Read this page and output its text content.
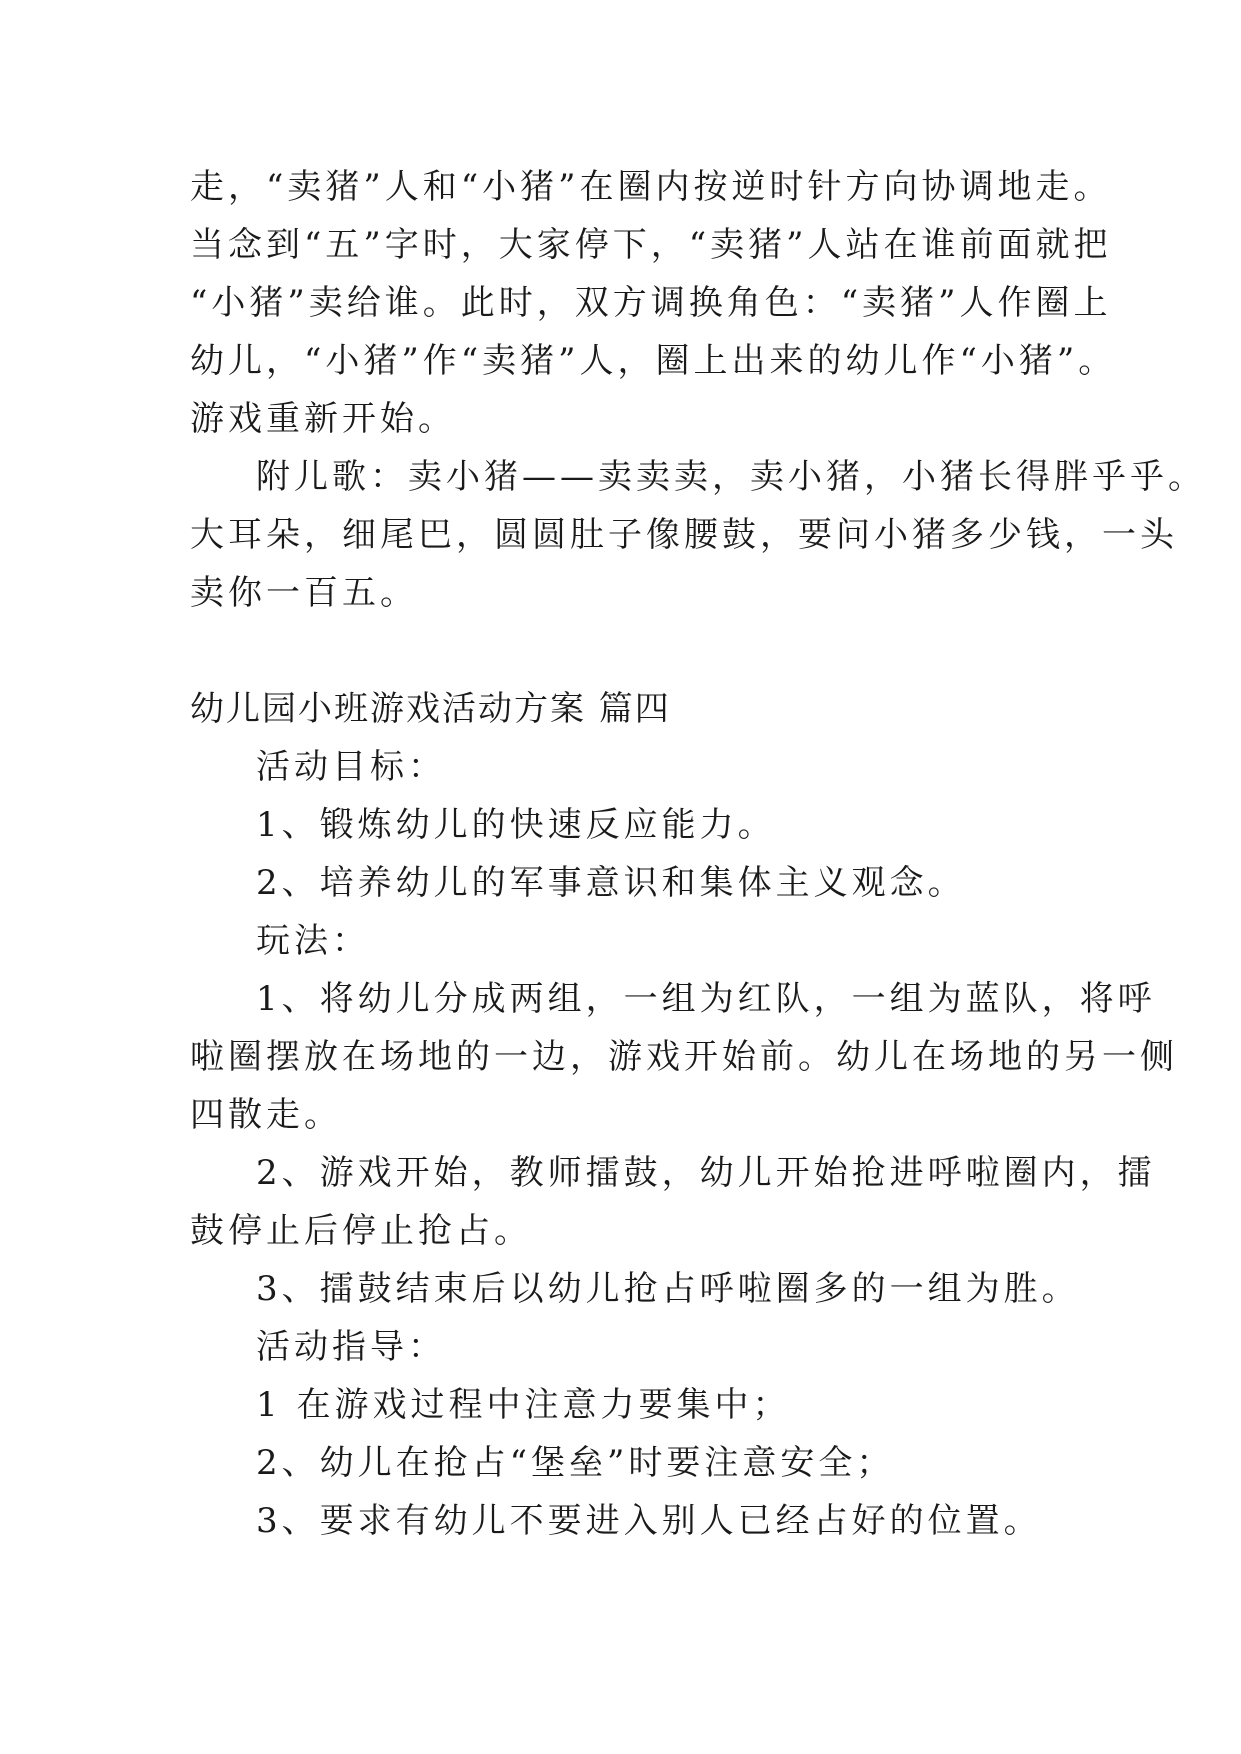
走，“卖猪”人和“小猪”在圈内按逆时针方向协调地走。
当念到“五”字时，大家停下，“卖猪”人站在谁前面就把
“小猪”卖给谁。此时，双方调换角色：“卖猪”人作圈上
幼儿，“小猪”作“卖猪”人，圈上出来的幼儿作“小猪”。
游戏重新开始。
附儿歌：卖小猪——卖卖卖，卖小猪，小猪长得胖乎乎。
大耳朵，细尾巴，圆圆肚子像腰鼓，要问小猪多少钱，一头
卖你一百五。
幼儿园小班游戏活动方案 篇四
活动目标：
1、锻炼幼儿的快速反应能力。
2、培养幼儿的军事意识和集体主义观念。
玩法：
1、将幼儿分成两组，一组为红队，一组为蓝队，将呼
啦圈摆放在场地的一边，游戏开始前。幼儿在场地的另一侧
四散走。
2、游戏开始，教师擂鼓，幼儿开始抢进呼啦圈内，擂
鼓停止后停止抢占。
3、擂鼓结束后以幼儿抢占呼啦圈多的一组为胜。
活动指导：
1 在游戏过程中注意力要集中；
2、幼儿在抢占“堡垒”时要注意安全；
3、要求有幼儿不要进入别人已经占好的位置。
